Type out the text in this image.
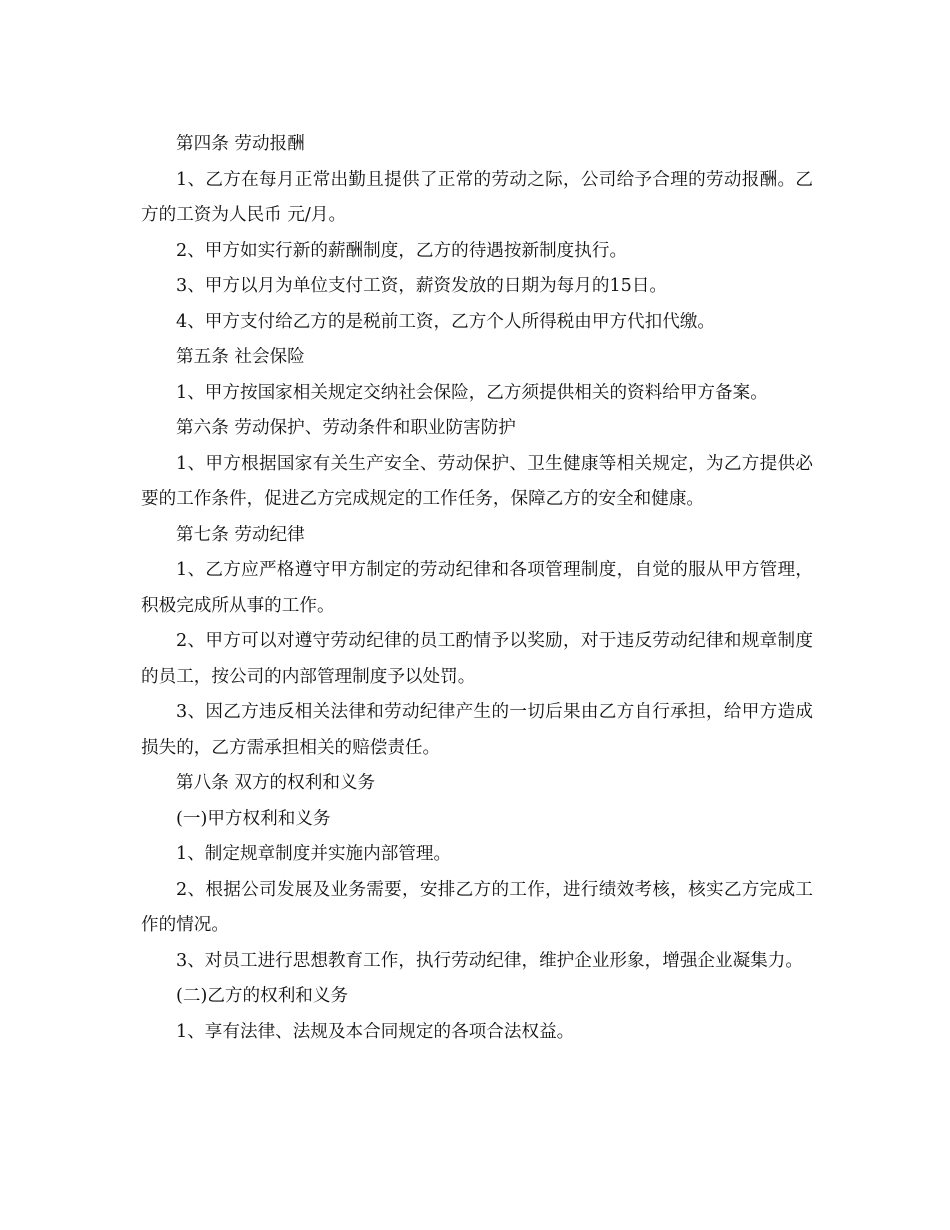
第四条 劳动报酬

1、乙方在每月正常出勤且提供了正常的劳动之际，公司给予合理的劳动报酬。乙方的工资为人民币 元/月。

2、甲方如实行新的薪酬制度，乙方的待遇按新制度执行。

3、甲方以月为单位支付工资，薪资发放的日期为每月的15日。

4、甲方支付给乙方的是税前工资，乙方个人所得税由甲方代扣代缴。

第五条 社会保险

1、甲方按国家相关规定交纳社会保险，乙方须提供相关的资料给甲方备案。

第六条 劳动保护、劳动条件和职业防害防护

1、甲方根据国家有关生产安全、劳动保护、卫生健康等相关规定，为乙方提供必要的工作条件，促进乙方完成规定的工作任务，保障乙方的安全和健康。

第七条 劳动纪律

1、乙方应严格遵守甲方制定的劳动纪律和各项管理制度，自觉的服从甲方管理，积极完成所从事的工作。

2、甲方可以对遵守劳动纪律的员工酌情予以奖励，对于违反劳动纪律和规章制度的员工，按公司的内部管理制度予以处罚。

3、因乙方违反相关法律和劳动纪律产生的一切后果由乙方自行承担，给甲方造成损失的，乙方需承担相关的赔偿责任。

第八条 双方的权利和义务

(一)甲方权利和义务

1、制定规章制度并实施内部管理。

2、根据公司发展及业务需要，安排乙方的工作，进行绩效考核，核实乙方完成工作的情况。

3、对员工进行思想教育工作，执行劳动纪律，维护企业形象，增强企业凝集力。

(二)乙方的权利和义务

1、享有法律、法规及本合同规定的各项合法权益。
